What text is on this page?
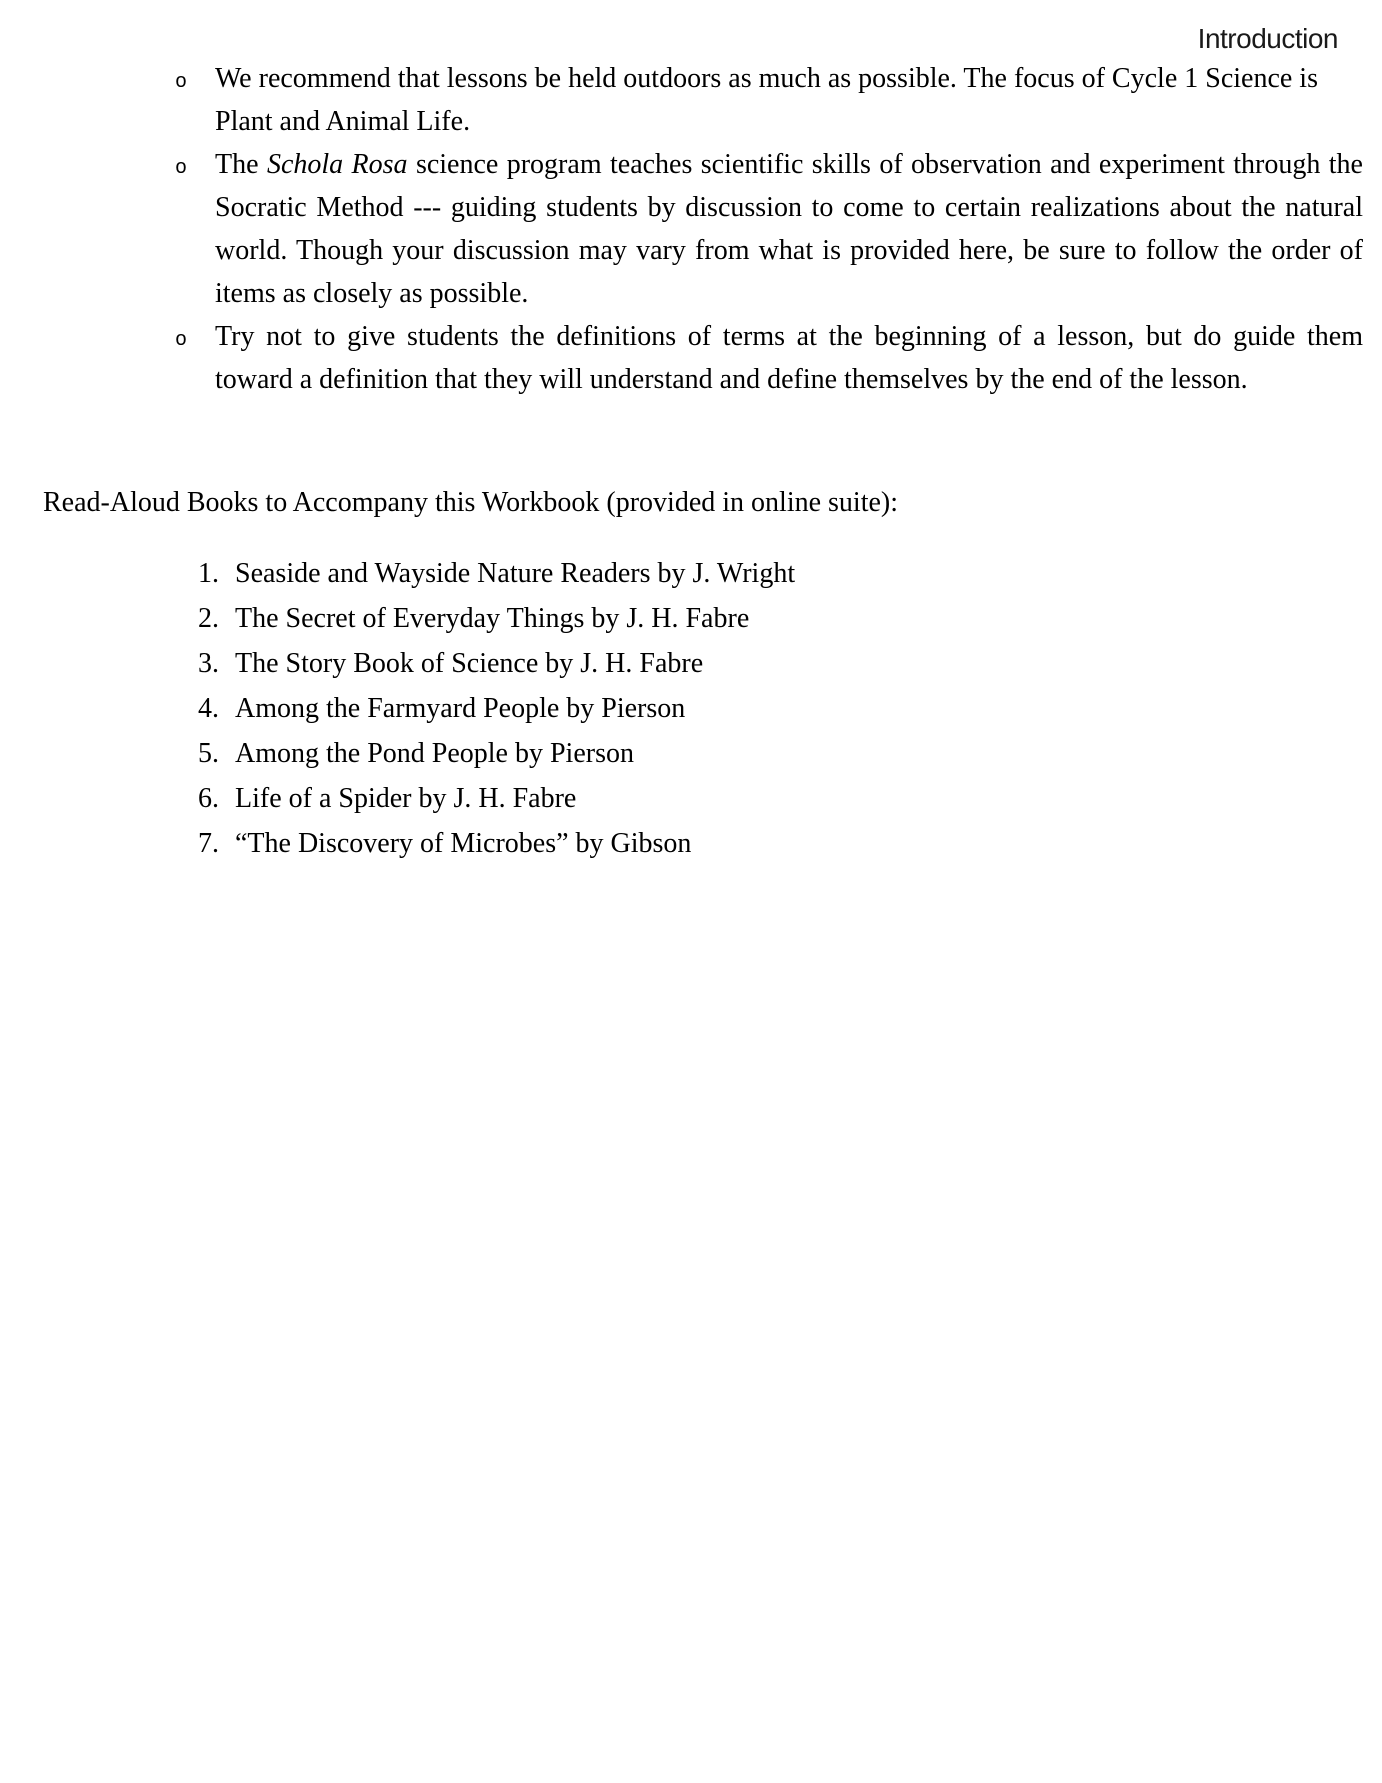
Introduction
o We recommend that lessons be held outdoors as much as possible. The focus of Cycle 1 Science is Plant and Animal Life.
o The Schola Rosa science program teaches scientific skills of observation and experiment through the Socratic Method --- guiding students by discussion to come to certain realizations about the natural world. Though your discussion may vary from what is provided here, be sure to follow the order of items as closely as possible.
o Try not to give students the definitions of terms at the beginning of a lesson, but do guide them toward a definition that they will understand and define themselves by the end of the lesson.
Read-Aloud Books to Accompany this Workbook (provided in online suite):
1. Seaside and Wayside Nature Readers by J. Wright
2. The Secret of Everyday Things by J. H. Fabre
3. The Story Book of Science by J. H. Fabre
4. Among the Farmyard People by Pierson
5. Among the Pond People by Pierson
6. Life of a Spider by J. H. Fabre
7. “The Discovery of Microbes” by Gibson
